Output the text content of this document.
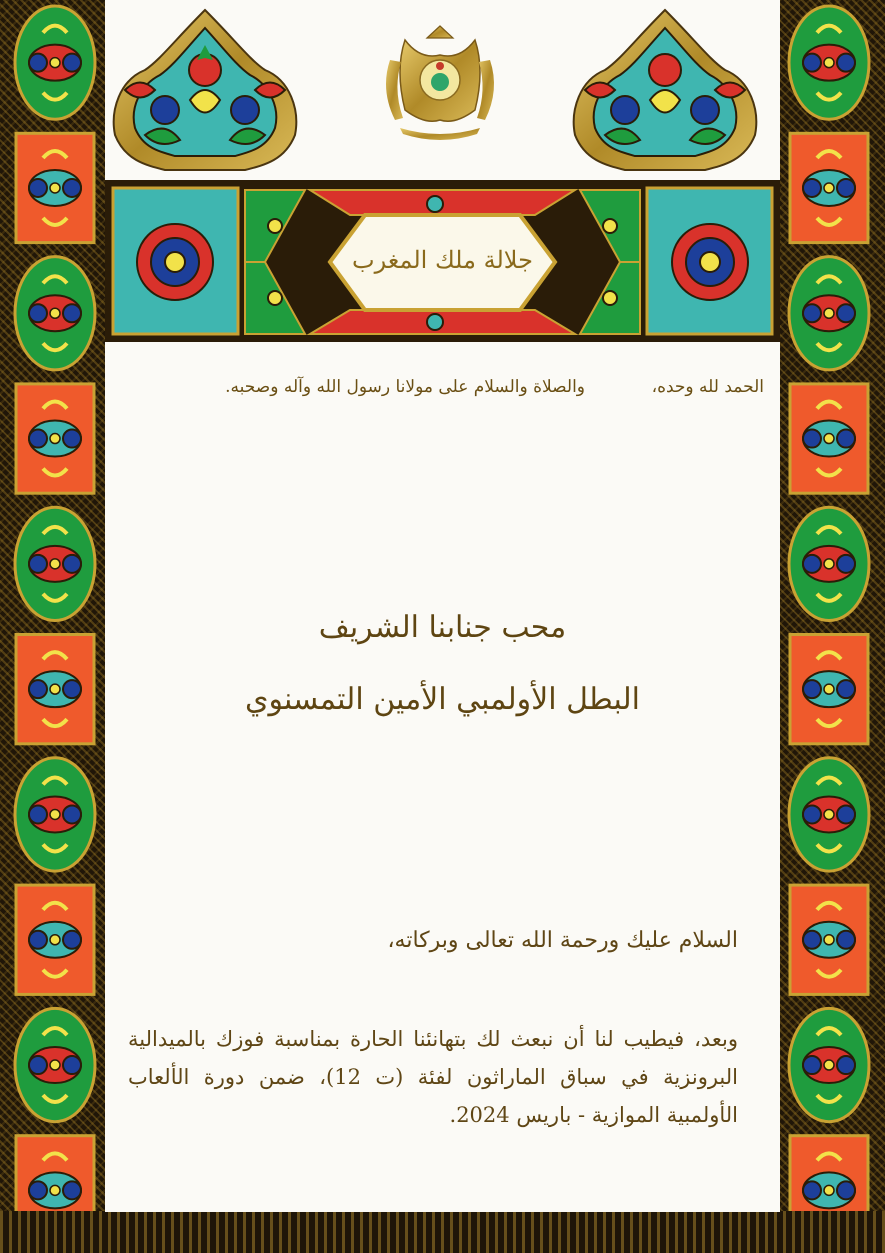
جلالة ملك المغرب
الحمد لله وحده،
والصلاة والسلام على مولانا رسول الله وآله وصحبه.
محب جنابنا الشريف
البطل الأولمبي الأمين التمسنوي
السلام عليك ورحمة الله تعالى وبركاته،
وبعد، فيطيب لنا أن نبعث لك بتهانئنا الحارة بمناسبة فوزك بالميدالية البرونزية في سباق الماراثون لفئة (ت 12)، ضمن دورة الألعاب الأولمبية الموازية - باريس 2024.
